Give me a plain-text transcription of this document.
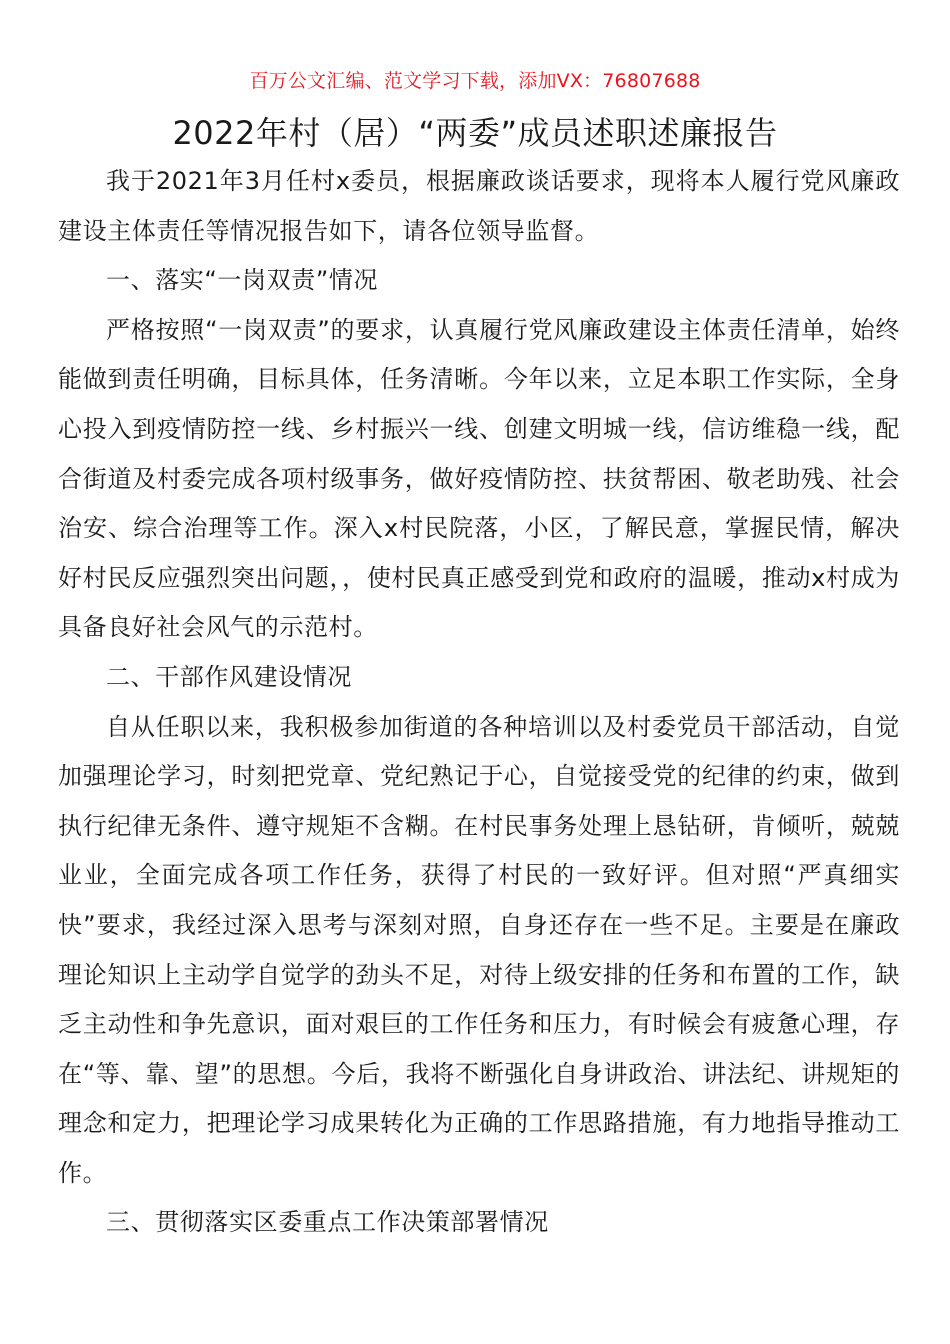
百万公文汇编、范文学习下载，添加VX：76807688
2022年村（居）“两委”成员述职述廉报告

我于2021年3月任村x委员，根据廉政谈话要求，现将本人履行党风廉政建设主体责任等情况报告如下，请各位领导监督。

一、落实“一岗双责”情况

严格按照“一岗双责”的要求，认真履行党风廉政建设主体责任清单，始终能做到责任明确，目标具体，任务清晰。今年以来，立足本职工作实际，全身心投入到疫情防控一线、乡村振兴一线、创建文明城一线，信访维稳一线，配合街道及村委完成各项村级事务，做好疫情防控、扶贫帮困、敬老助残、社会治安、综合治理等工作。深入x村民院落，小区，了解民意，掌握民情，解决好村民反应强烈突出问题，，使村民真正感受到党和政府的温暖，推动x村成为具备良好社会风气的示范村。

二、干部作风建设情况

自从任职以来，我积极参加街道的各种培训以及村委党员干部活动，自觉加强理论学习，时刻把党章、党纪熟记于心，自觉接受党的纪律的约束，做到执行纪律无条件、遵守规矩不含糊。在村民事务处理上恳钻研，肯倾听，兢兢业业，全面完成各项工作任务，获得了村民的一致好评。但对照“严真细实快”要求，我经过深入思考与深刻对照，自身还存在一些不足。主要是在廉政理论知识上主动学自觉学的劲头不足，对待上级安排的任务和布置的工作，缺乏主动性和争先意识，面对艰巨的工作任务和压力，有时候会有疲惫心理，存在“等、靠、望”的思想。今后，我将不断强化自身讲政治、讲法纪、讲规矩的理念和定力，把理论学习成果转化为正确的工作思路措施，有力地指导推动工作。

三、贯彻落实区委重点工作决策部署情况
